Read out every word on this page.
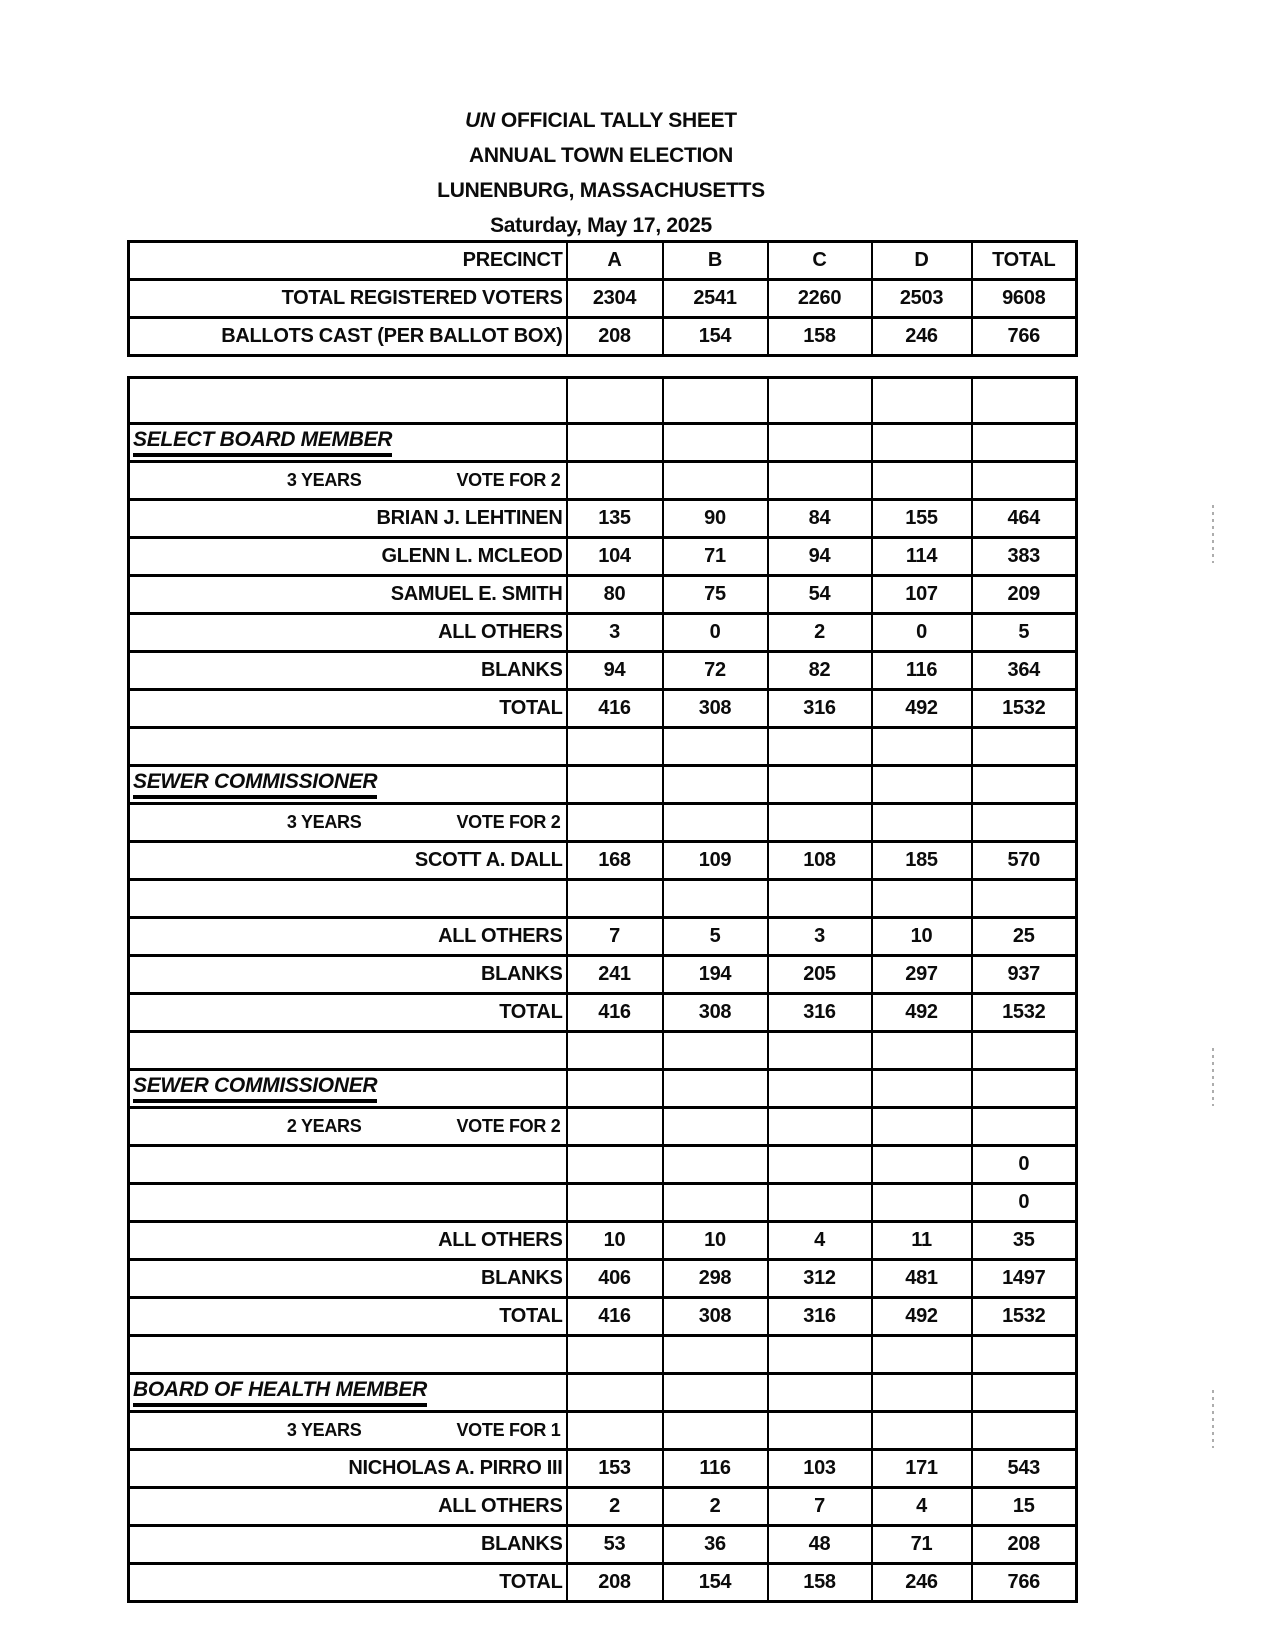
UN OFFICIAL TALLY SHEET
ANNUAL TOWN ELECTION
LUNENBURG, MASSACHUSETTS
Saturday, May 17, 2025
PRECINCT	A	B	C	D	TOTAL
TOTAL REGISTERED VOTERS	2304	2541	2260	2503	9608
BALLOTS CAST (PER BALLOT BOX)	208	154	158	246	766

SELECT BOARD MEMBER					

3 YEARS VOTE FOR 2					

BRIAN J. LEHTINEN	135	90	84	155	464
GLENN L. MCLEOD	104	71	94	114	383
SAMUEL E. SMITH	80	75	54	107	209
ALL OTHERS	3	0	2	0	5
BLANKS	94	72	82	116	364
TOTAL	416	308	316	492	1532

SEWER COMMISSIONER					

3 YEARS VOTE FOR 2					

SCOTT A. DALL	168	109	108	185	570

ALL OTHERS	7	5	3	10	25
BLANKS	241	194	205	297	937
TOTAL	416	308	316	492	1532

SEWER COMMISSIONER					

2 YEARS VOTE FOR 2					

					0
					0
ALL OTHERS	10	10	4	11	35
BLANKS	406	298	312	481	1497
TOTAL	416	308	316	492	1532

BOARD OF HEALTH MEMBER					

3 YEARS VOTE FOR 1					

NICHOLAS A. PIRRO III	153	116	103	171	543
ALL OTHERS	2	2	7	4	15
BLANKS	53	36	48	71	208
TOTAL	208	154	158	246	766
